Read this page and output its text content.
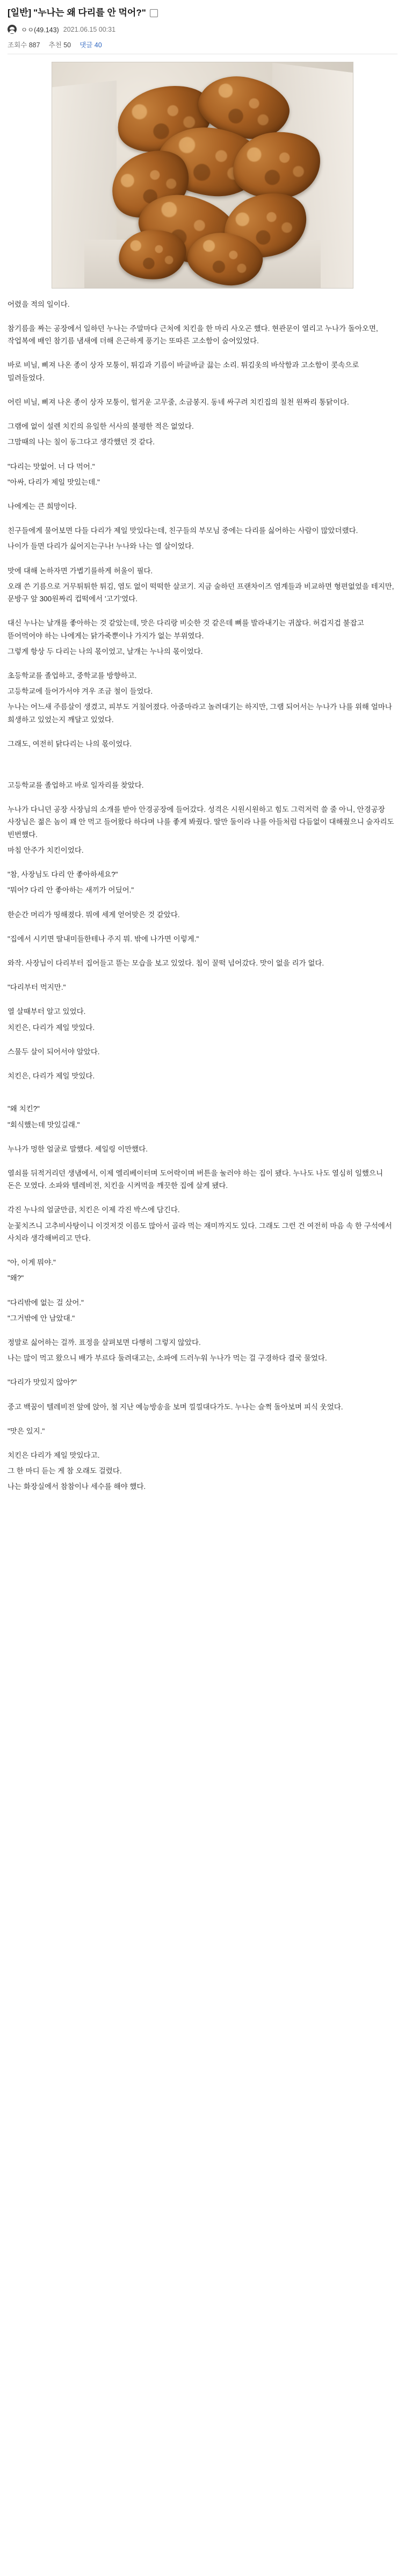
[일반] "누나는 왜 다리를 안 먹어?"
ㅇㅇ(49.143) 2021.06.15 00:31
조회수 887 추천 50 댓글 40

어렸을 적의 일이다.

참기름을 짜는 공장에서 일하던 누나는 주말마다 근처에 치킨을 한 마리 사오곤 했다. 현관문이 열리고 누나가 돌아오면, 작업복에 배인 참기름 냄새에 더해 은근하게 풍기는 또따른 고소함이 숨어있었다.

바로 비닐, 삐져 나온 종이 상자 모퉁이, 튀김과 기름이 바글바글 끓는 소리. 튀김옷의 바삭함과 고소함이 콧속으로 밀려들었다.

어린 비닐, 삐져 나온 종이 상자 모퉁이, 헐거운 고무줄, 소금봉지. 동네 싸구려 치킨집의 칠천 원짜리 통닭이다.

그램에 없이 설렌 치킨의 유일한 서사의 불평한 적은 없었다.

그맘때의 나는 칠이 동그다고 생각했던 것 같다.

"다리는 맛없어. 너 다 먹어."

"아싸, 다리가 제일 맛있는데."

나에게는 큰 희망이다.

친구들에게 물어보면 다들 다리가 제일 맛있다는데, 친구들의 부모님 중에는 다리를 싫어하는 사람이 많았더랬다.

나이가 들면 다리가 싫어지는구나! 누나와 나는 열 살이었다.

맛에 대해 논하자면 가볍기를하게 허울이 필다.

오래 쓴 기름으로 거무튀튀한 튀김, 염도 없이 떡떡한 살코기. 지금 술하던 프랜차이즈 염계들과 비교하면 형편없었을 테지만, 문방구 앞 300원짜리 컵떡에서 '고기'였다.

대신 누나는 날개를 좋아하는 것 같았는데, 맛은 다리랑 비슷한 것 같은데 뼈를 발라내기는 귀찮다. 허겁지겁 불잡고 뜯어먹어야 하는 나에게는 닭가죽뿐이나 가지가 없는 부위였다.

그렇게 항상 두 다리는 나의 몫이었고, 날개는 누나의 몫이었다.

초등학교를 졸업하고, 중학교를 방향하고.

고등학교에 들어가서야 겨우 조금 철이 들었다.

누나는 어느새 주름살이 생겼고, 피부도 거칠어졌다. 아줌마라고 놀려대기는 하지만, 그램 되어서는 누나가 나를 위해 얼마나 희생하고 있었는지 깨달고 있었다.

그래도, 여전히 닭다리는 나의 몫이었다.

고등학교를 졸업하고 바로 일자리를 찾았다.

누나가 다니던 공장 사장님의 소개를 받아 안경공장에 들어갔다. 성격은 시원시원하고 힘도 그럭저럭 쓸 줄 아니, 안경공장 사장님은 젊은 놈이 꽤 안 먹고 들어왔다 하다며 나를 좋게 봐줬다. 딸만 둘이라 나를 아들처럼 다듬없이 대해줬으니 술자리도 빈번했다.

마침 안주가 치킨이었다.

"참, 사장님도 다리 안 좋아하세요?"

"뭐어? 다리 안 좋아하는 새끼가 어딨어."

한순간 머리가 띵해졌다. 뭐에 세게 얻어맞은 것 같았다.

"집에서 시키면 딸내미들한테나 주지 뭐. 밖에 나가면 이렇게."

와작. 사장님이 다리부터 집어들고 뜯는 모습을 보고 있었다. 침이 꿀떡 넘어갔다. 맛이 없을 리가 없다.

"다리부터 먹지만."

열 살때부터 알고 있었다.

치킨은, 다리가 제일 맛있다.

스물두 살이 되어서야 알았다.

치킨은, 다리가 제일 맛있다.

"왜 치킨?"

"회식했는데 맛있길래."

누나가 멍한 얼굴로 말했다. 셰일링 이만했다.

열쇠를 뒤적거리던 생냄에서, 이제 엘리베이터며 도어락이며 버튼을 눌러야 하는 집이 됐다. 누나도 나도 열심히 일했으니 돈은 모였다. 소파와 텔레비전, 치킨을 시켜먹을 깨끗한 집에 살게 됐다.

각진 누나의 얼굴만큼, 치킨은 이제 각진 박스에 담긴다.

눈꽃치즈니 고추비사탕이니 이것저것 이름도 많아서 골라 먹는 재미까지도 있다. 그래도 그런 건 여전히 마음 속 한 구석에서 사치라 생각해버리고 만다.

"아, 이게 뭐야."

"왜?"

"다리밖에 없는 걸 샀어."

"그거밖에 안 남았대."

정말로 싫어하는 걸까. 표정을 살펴보면 다행히 그렇지 않았다.

나는 많이 먹고 왔으니 배가 부르다 둘려대고는, 소파에 드러누워 누나가 먹는 걸 구경하다 결국 물었다.

"다리가 맛있지 않아?"

중고 백꿈이 텔레비전 앞에 앉아, 철 지난 예능방송을 보며 낄낄대다가도. 누나는 슬쩍 돌아보며 피식 웃었다.

"맛은 있지."

치킨은 다리가 제일 맛있다고.

그 한 마디 듣는 게 참 오래도 걸렸다.

나는 화장실에서 참참이나 세수를 해야 했다.
